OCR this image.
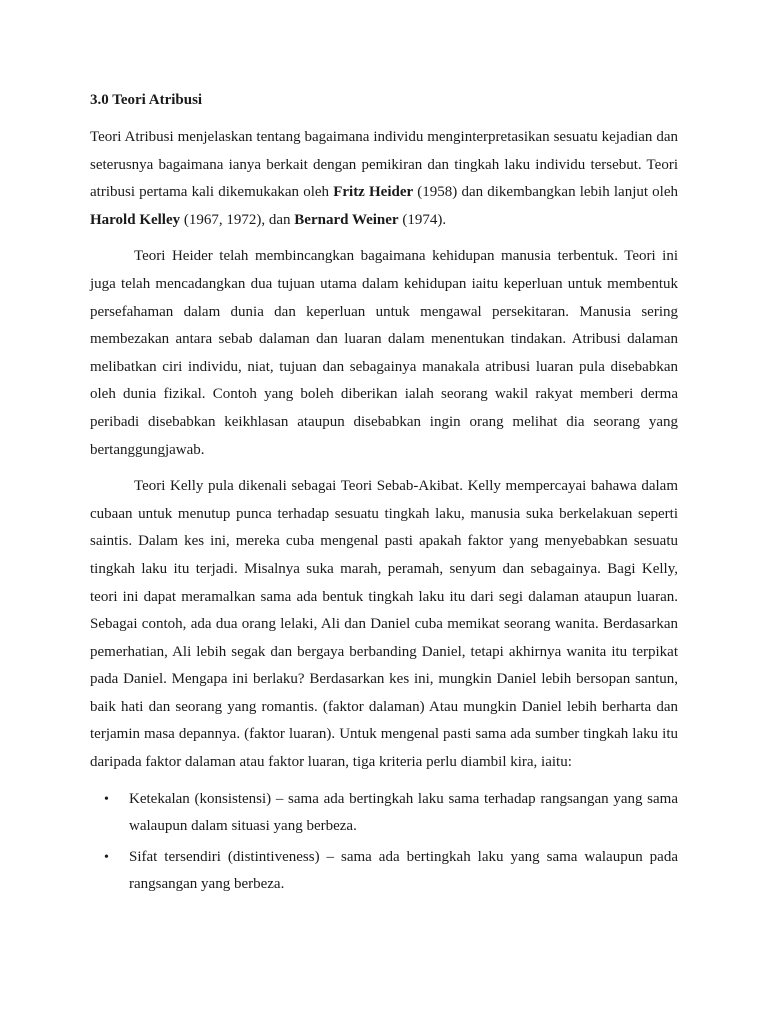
3.0 Teori Atribusi

Teori Atribusi menjelaskan tentang bagaimana individu menginterpretasikan sesuatu kejadian dan seterusnya bagaimana ianya berkait dengan pemikiran dan tingkah laku individu tersebut. Teori atribusi pertama kali dikemukakan oleh Fritz Heider (1958) dan dikembangkan lebih lanjut oleh Harold Kelley (1967, 1972), dan Bernard Weiner (1974).

Teori Heider telah membincangkan bagaimana kehidupan manusia terbentuk. Teori ini juga telah mencadangkan dua tujuan utama dalam kehidupan iaitu keperluan untuk membentuk persefahaman dalam dunia dan keperluan untuk mengawal persekitaran. Manusia sering membezakan antara sebab dalaman dan luaran dalam menentukan tindakan. Atribusi dalaman melibatkan ciri individu, niat, tujuan dan sebagainya manakala atribusi luaran pula disebabkan oleh dunia fizikal. Contoh yang boleh diberikan ialah seorang wakil rakyat memberi derma peribadi disebabkan keikhlasan ataupun disebabkan ingin orang melihat dia seorang yang bertanggungjawab.

Teori Kelly pula dikenali sebagai Teori Sebab-Akibat. Kelly mempercayai bahawa dalam cubaan untuk menutup punca terhadap sesuatu tingkah laku, manusia suka berkelakuan seperti saintis. Dalam kes ini, mereka cuba mengenal pasti apakah faktor yang menyebabkan sesuatu tingkah laku itu terjadi. Misalnya suka marah, peramah, senyum dan sebagainya. Bagi Kelly, teori ini dapat meramalkan sama ada bentuk tingkah laku itu dari segi dalaman ataupun luaran. Sebagai contoh, ada dua orang lelaki, Ali dan Daniel cuba memikat seorang wanita. Berdasarkan pemerhatian, Ali lebih segak dan bergaya berbanding Daniel, tetapi akhirnya wanita itu terpikat pada Daniel. Mengapa ini berlaku? Berdasarkan kes ini, mungkin Daniel lebih bersopan santun, baik hati dan seorang yang romantis. (faktor dalaman) Atau mungkin Daniel lebih berharta dan terjamin masa depannya. (faktor luaran). Untuk mengenal pasti sama ada sumber tingkah laku itu daripada faktor dalaman atau faktor luaran, tiga kriteria perlu diambil kira, iaitu:

• Ketekalan (konsistensi) – sama ada bertingkah laku sama terhadap rangsangan yang sama walaupun dalam situasi yang berbeza.
• Sifat tersendiri (distintiveness) – sama ada bertingkah laku yang sama walaupun pada rangsangan yang berbeza.
